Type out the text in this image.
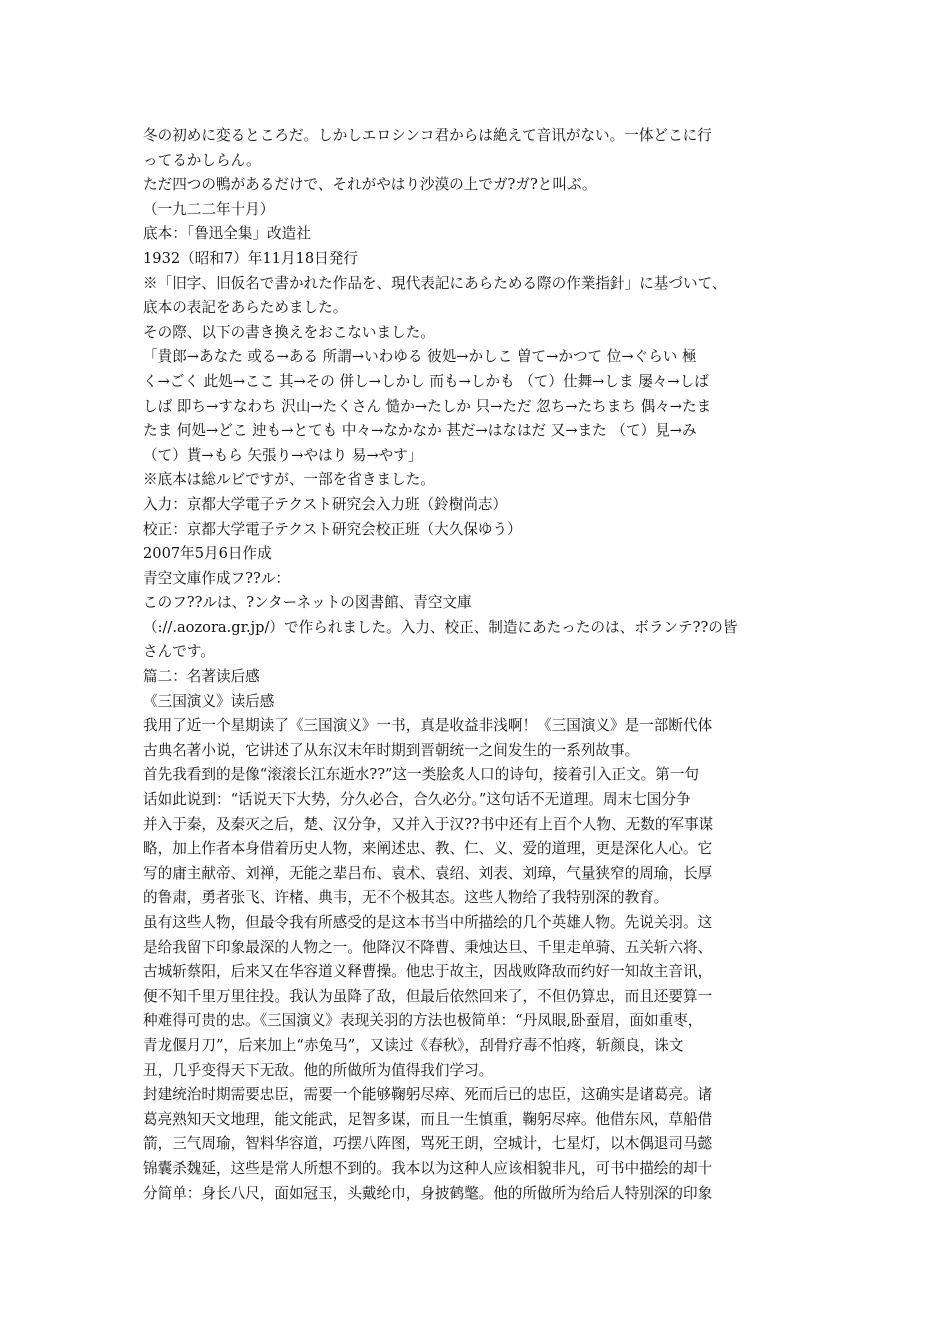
冬の初めに変るところだ。しかしエロシンコ君からは絶えて音讯がない。一体どこに行
ってるかしらん。
ただ四つの鴨があるだけで、それがやはり沙漠の上でガ?ガ?と叫ぶ。
（一九二二年十月）
底本：「鲁迅全集」改造社
1932（昭和7）年11月18日発行
※「旧字、旧仮名で書かれた作品を、現代表記にあらためる際の作業指針」に基づいて、
底本の表記をあらためました。
その際、以下の書き換えをおこないました。
「貴郎→あなた 或る→ある 所謂→いわゆる 彼処→かしこ 曽て→かつて 位→ぐらい 極
く→ごく 此処→ここ 其→その 併し→しかし 而も→しかも （て）仕舞→しま 屡々→しば
しば 即ち→すなわち 沢山→たくさん 慥か→たしか 只→ただ 忽ち→たちまち 偶々→たま
たま 何処→どこ 迚も→とても 中々→なかなか 甚だ→はなはだ 又→また （て）見→み
（て）貰→もら 矢張り→やはり 易→やす」
※底本は総ルビですが、一部を省きました。
入力：京都大学電子テクスト研究会入力班（鈴樹尚志）
校正：京都大学電子テクスト研究会校正班（大久保ゆう）
2007年5月6日作成
青空文庫作成フ??ル：
このフ??ルは、?ンターネットの図書館、青空文庫
（://.aozora.gr.jp/）で作られました。入力、校正、制造にあたったのは、ボランテ??の皆
さんです。
篇二：名著读后感
《三国演义》读后感
我用了近一个星期读了《三国演义》一书，真是收益非浅啊！《三国演义》是一部断代体
古典名著小说，它讲述了从东汉末年时期到晋朝统一之间发生的一系列故事。
首先我看到的是像“滚滚长江东逝水??”这一类脍炙人口的诗句，接着引入正文。第一句
话如此说到：“话说天下大势，分久必合，合久必分。”这句话不无道理。周末七国分争
并入于秦，及秦灭之后，楚、汉分争，又并入于汉??书中还有上百个人物、无数的军事谋
略，加上作者本身借着历史人物，来阐述忠、教、仁、义、爱的道理，更是深化人心。它
写的庸主献帝、刘禅，无能之辈吕布、袁术、袁绍、刘表、刘璋，气量狭窄的周瑜，长厚
的鲁肃，勇者张飞、许楮、典韦，无不个极其态。这些人物给了我特别深的教育。
虽有这些人物，但最令我有所感受的是这本书当中所描绘的几个英雄人物。先说关羽。这
是给我留下印象最深的人物之一。他降汉不降曹、秉烛达旦、千里走单骑、五关斩六将、
古城斩蔡阳，后来又在华容道义释曹操。他忠于故主，因战败降敌而约好一知故主音讯，
便不知千里万里往投。我认为虽降了敌，但最后依然回来了，不但仍算忠，而且还要算一
种难得可贵的忠。《三国演义》表现关羽的方法也极简单：“丹凤眼,卧蚕眉，面如重枣，
青龙偃月刀”，后来加上“赤兔马”，又读过《春秋》，刮骨疗毒不怕疼，斩颜良，诛文
丑，几乎变得天下无敌。他的所做所为值得我们学习。
封建统治时期需要忠臣，需要一个能够鞠躬尽瘁、死而后已的忠臣，这确实是诸葛亮。诸
葛亮熟知天文地理，能文能武，足智多谋，而且一生慎重，鞠躬尽瘁。他借东风，草船借
箭，三气周瑜，智料华容道，巧摆八阵图，骂死王朗，空城计，七星灯，以木偶退司马懿
锦囊杀魏延，这些是常人所想不到的。我本以为这种人应该相貌非凡，可书中描绘的却十
分简单：身长八尺，面如冠玉，头戴纶巾，身披鹤氅。他的所做所为给后人特别深的印象
